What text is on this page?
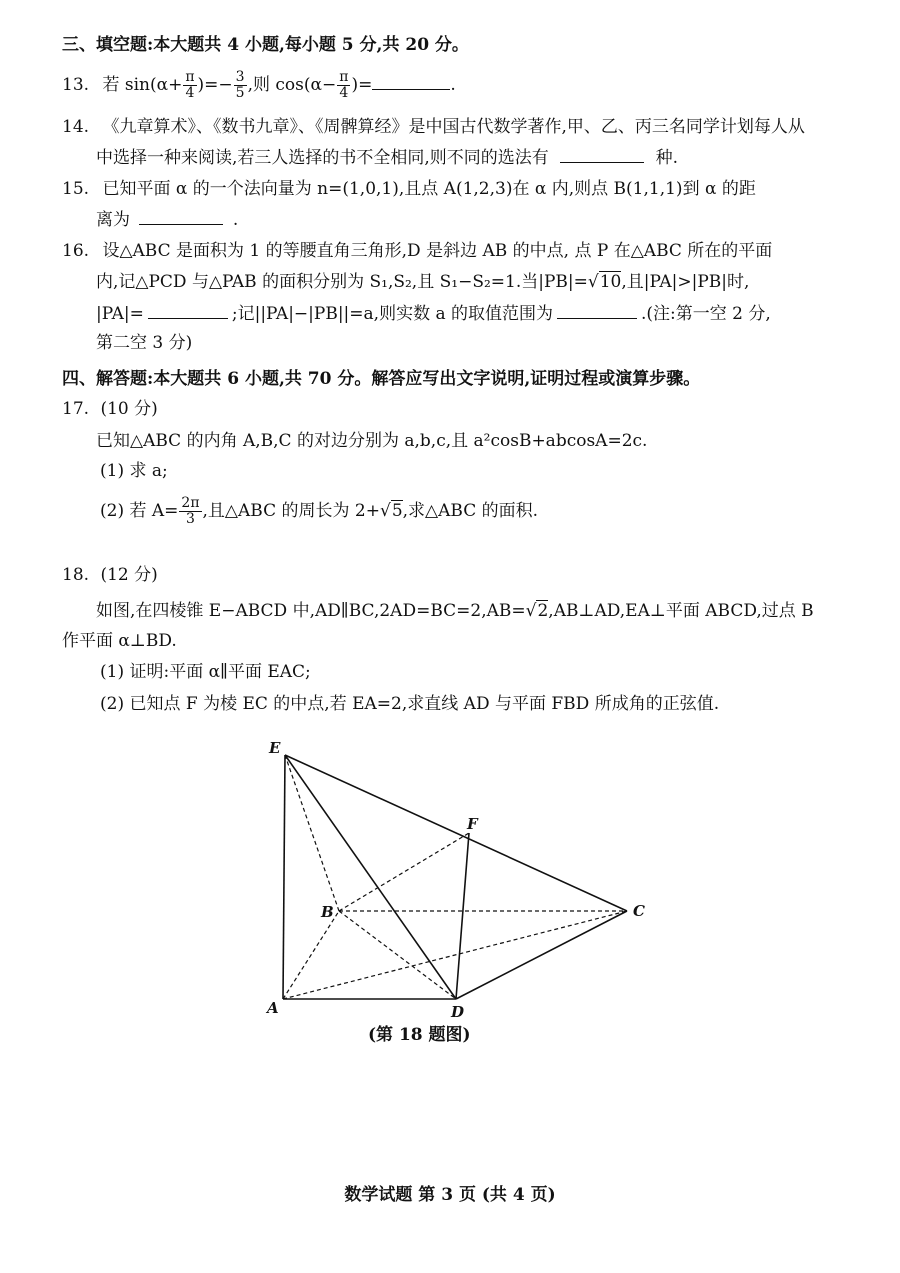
三、填空题:本大题共 4 小题,每小题 5 分,共 20 分。
13. 若 $\sin(\alpha+ \frac{\pi}{4}$ )=− $\frac{3}{5}$ ,则 $\cos(\alpha- \frac{\pi}{4}$ )=	.
14. 《九章算术》、《数书九章》、《周髀算经》是中国古代数学著作,甲、乙、丙三名同学计划每人从
中选择一种来阅读,若三人选择的书不全相同,则不同的选法有	种.
15. 已知平面 α 的一个法向量为 n=(1,0,1),且点 A(1,2,3)在 α 内,则点 B(1,1,1)到 α 的距
离为	.
16. 设△ABC 是面积为 1 的等腰直角三角形,D 是斜边 AB 的中点, 点 P 在△ABC 所在的平面
内,记△PCD 与△PAB 的面积分别为 S₁,S₂,且 S₁−S₂=1.当|PB|=√10,且|PA|>|PB|时,
|PA|=	;记||PA|−|PB||=a,则实数 a 的取值范围为	.(注:第一空 2 分,
第二空 3 分)
四、解答题:本大题共 6 小题,共 70 分。解答应写出文字说明,证明过程或演算步骤。
17. (10 分)
已知△ABC 的内角 A,B,C 的对边分别为 a,b,c,且 a²cosB+abcosA=2c.
(1) 求 a;
(2) 若 $A= \frac{2\pi}{3}$ ,且△ABC 的周长为 2+√5,求△ABC 的面积.
18. (12 分)
如图,在四棱锥 E−ABCD 中,AD∥BC,2AD=BC=2,AB=√2,AB⊥AD,EA⊥平面 ABCD,过点 B
作平面 α⊥BD.
(1) 证明:平面 α∥平面 EAC;
(2) 已知点 F 为棱 EC 的中点,若 EA=2,求直线 AD 与平面 FBD 所成角的正弦值.
E
F
B	C
A	D
(第 18 题图)
数学试题 第 3 页 (共 4 页)
